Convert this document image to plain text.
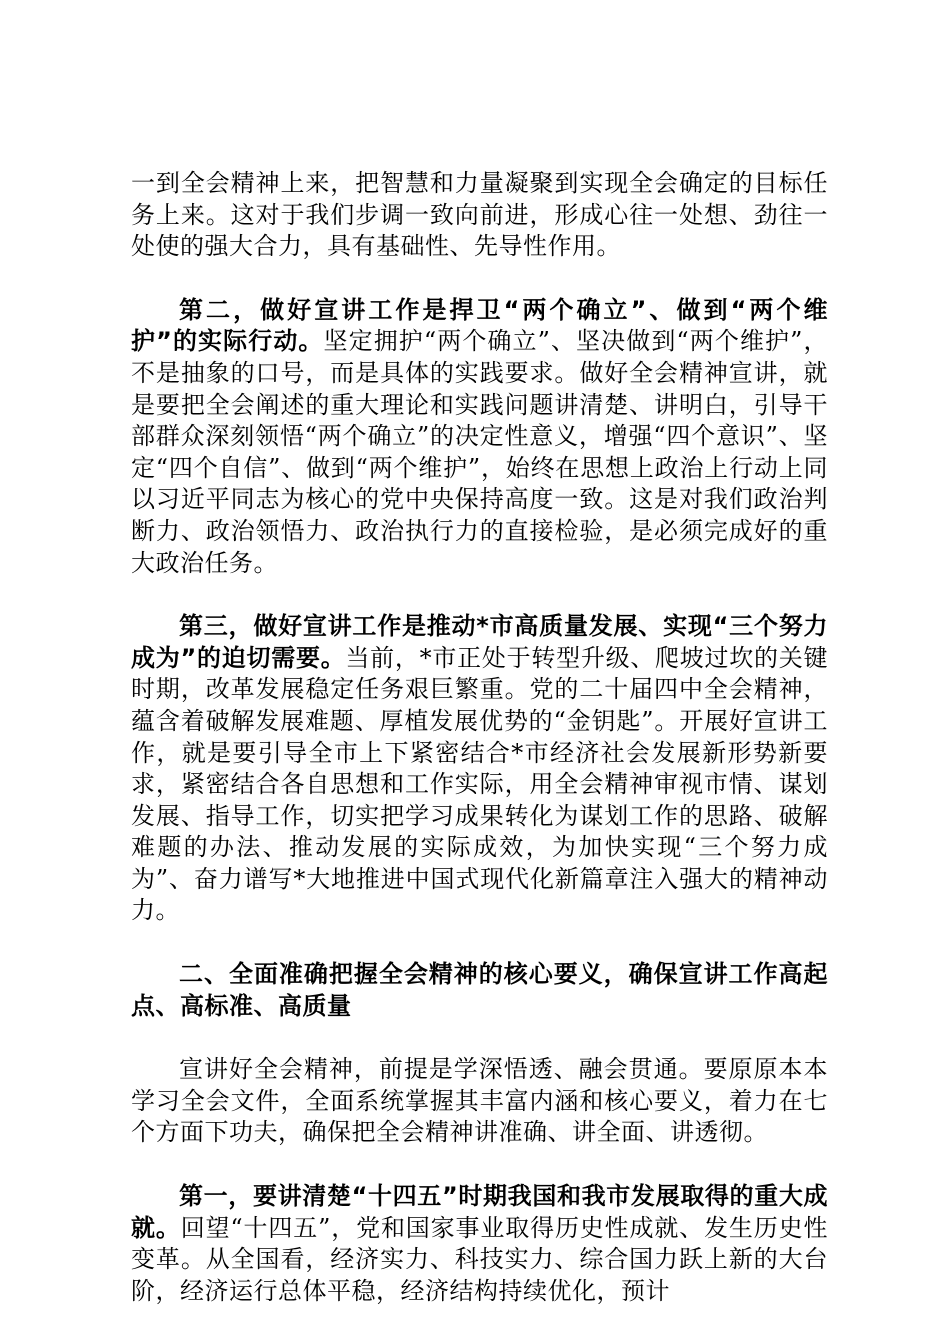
一到全会精神上来，把智慧和力量凝聚到实现全会确定的目标任务上来。这对于我们步调一致向前进，形成心往一处想、劲往一处使的强大合力，具有基础性、先导性作用。

第二，做好宣讲工作是捍卫“两个确立”、做到“两个维护”的实际行动。坚定拥护“两个确立”、坚决做到“两个维护”，不是抽象的口号，而是具体的实践要求。做好全会精神宣讲，就是要把全会阐述的重大理论和实践问题讲清楚、讲明白，引导干部群众深刻领悟“两个确立”的决定性意义，增强“四个意识”、坚定“四个自信”、做到“两个维护”，始终在思想上政治上行动上同以习近平同志为核心的党中央保持高度一致。这是对我们政治判断力、政治领悟力、政治执行力的直接检验，是必须完成好的重大政治任务。

第三，做好宣讲工作是推动*市高质量发展、实现“三个努力成为”的迫切需要。当前，*市正处于转型升级、爬坡过坎的关键时期，改革发展稳定任务艰巨繁重。党的二十届四中全会精神，蕴含着破解发展难题、厚植发展优势的“金钥匙”。开展好宣讲工作，就是要引导全市上下紧密结合*市经济社会发展新形势新要求，紧密结合各自思想和工作实际，用全会精神审视市情、谋划发展、指导工作，切实把学习成果转化为谋划工作的思路、破解难题的办法、推动发展的实际成效，为加快实现“三个努力成为”、奋力谱写*大地推进中国式现代化新篇章注入强大的精神动力。

二、全面准确把握全会精神的核心要义，确保宣讲工作高起点、高标准、高质量

宣讲好全会精神，前提是学深悟透、融会贯通。要原原本本学习全会文件，全面系统掌握其丰富内涵和核心要义，着力在七个方面下功夫，确保把全会精神讲准确、讲全面、讲透彻。

第一，要讲清楚“十四五”时期我国和我市发展取得的重大成就。回望“十四五”，党和国家事业取得历史性成就、发生历史性变革。从全国看，经济实力、科技实力、综合国力跃上新的大台阶，经济运行总体平稳，经济结构持续优化，预计
